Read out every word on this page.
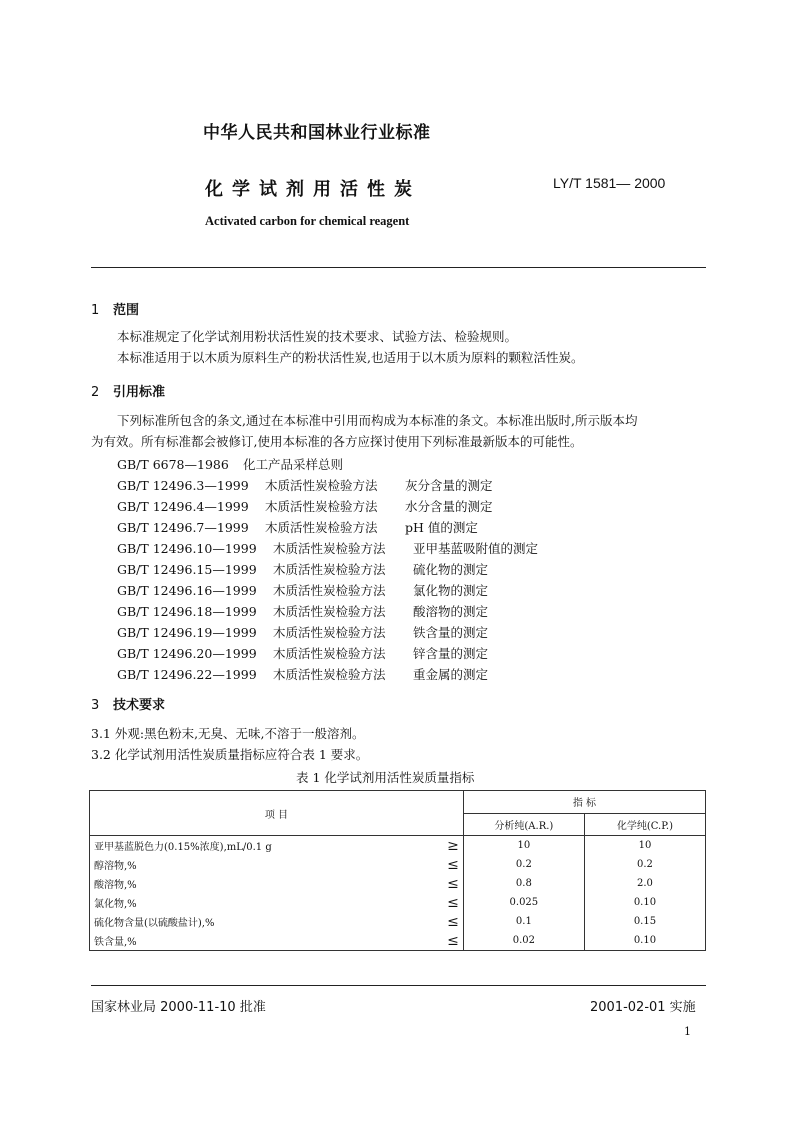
中华人民共和国林业行业标准
化学试剂用活性炭	LY/T 1581— 2000
Activated carbon for chemical reagent
1 范围
本标准规定了化学试剂用粉状活性炭的技术要求、试验方法、检验规则。
本标准适用于以木质为原料生产的粉状活性炭,也适用于以木质为原料的颗粒活性炭。
2 引用标准
下列标准所包含的条文,通过在本标准中引用而构成为本标准的条文。本标准出版时,所示版本均
为有效。所有标准都会被修订,使用本标准的各方应探讨使用下列标准最新版本的可能性。
GB/T 6678—1986 化工产品采样总则
GB/T 12496.3—1999 木质活性炭检验方法 灰分含量的测定
GB/T 12496.4—1999 木质活性炭检验方法 水分含量的测定
GB/T 12496.7—1999 木质活性炭检验方法 pH 值的测定
GB/T 12496.10—1999 木质活性炭检验方法 亚甲基蓝吸附值的测定
GB/T 12496.15—1999 木质活性炭检验方法 硫化物的测定
GB/T 12496.16—1999 木质活性炭检验方法 氯化物的测定
GB/T 12496.18—1999 木质活性炭检验方法 酸溶物的测定
GB/T 12496.19—1999 木质活性炭检验方法 铁含量的测定
GB/T 12496.20—1999 木质活性炭检验方法 锌含量的测定
GB/T 12496.22—1999 木质活性炭检验方法 重金属的测定
3 技术要求
3.1 外观:黑色粉末,无臭、无味,不溶于一般溶剂。
3.2 化学试剂用活性炭质量指标应符合表 1 要求。
表 1 化学试剂用活性炭质量指标
项 目		指 标	
		分析纯(A.R.)	化学纯(C.P.)
亚甲基蓝脱色力(0.15%浓度),mL/0.1 g	≥	10	10
醇溶物,%	≤	0.2	0.2
酸溶物,%	≤	0.8	2.0
氯化物,%	≤	0.025	0.10
硫化物含量(以硫酸盐计),%	≤	0.1	0.15
铁含量,%	≤	0.02	0.10
国家林业局 2000-11-10 批准	2001-02-01 实施
1
